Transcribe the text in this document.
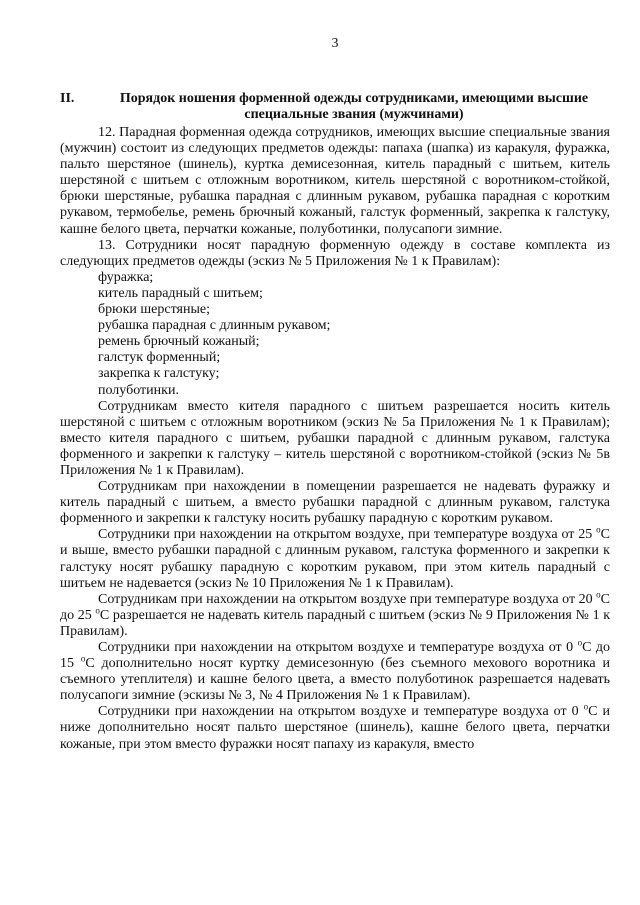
3
II.	Порядок ношения форменной одежды сотрудниками, имеющими высшие специальные звания (мужчинами)

12. Парадная форменная одежда сотрудников, имеющих высшие специальные звания (мужчин) состоит из следующих предметов одежды: папаха (шапка) из каракуля, фуражка, пальто шерстяное (шинель), куртка демисезонная, китель парадный с шитьем, китель шерстяной с шитьем с отложным воротником, китель шерстяной с воротником-стойкой, брюки шерстяные, рубашка парадная с длинным рукавом, рубашка парадная с коротким рукавом, термобелье, ремень брючный кожаный, галстук форменный, закрепка к галстуку, кашне белого цвета, перчатки кожаные, полуботинки, полусапоги зимние.

13. Сотрудники носят парадную форменную одежду в составе комплекта из следующих предметов одежды (эскиз № 5 Приложения № 1 к Правилам):

фуражка;

китель парадный с шитьем;

брюки шерстяные;

рубашка парадная с длинным рукавом;

ремень брючный кожаный;

галстук форменный;

закрепка к галстуку;

полуботинки.

Сотрудникам вместо кителя парадного с шитьем разрешается носить китель шерстяной с шитьем с отложным воротником (эскиз № 5а Приложения № 1 к Правилам); вместо кителя парадного с шитьем, рубашки парадной с длинным рукавом, галстука форменного и закрепки к галстуку – китель шерстяной с воротником-стойкой (эскиз № 5в Приложения № 1 к Правилам).

Сотрудникам при нахождении в помещении разрешается не надевать фуражку и китель парадный с шитьем, а вместо рубашки парадной с длинным рукавом, галстука форменного и закрепки к галстуку носить рубашку парадную с коротким рукавом.

Сотрудники при нахождении на открытом воздухе, при температуре воздуха от 25 $^о$С и выше, вместо рубашки парадной с длинным рукавом, галстука форменного и закрепки к галстуку носят рубашку парадную с коротким рукавом, при этом китель парадный с шитьем не надевается (эскиз № 10 Приложения № 1 к Правилам).

Сотрудникам при нахождении на открытом воздухе при температуре воздуха от 20 $^о$С до 25 $^о$С разрешается не надевать китель парадный с шитьем (эскиз № 9 Приложения № 1 к Правилам).

Сотрудники при нахождении на открытом воздухе и температуре воздуха от 0 $^о$С до 15 $^о$С дополнительно носят куртку демисезонную (без съемного мехового воротника и съемного утеплителя) и кашне белого цвета, а вместо полуботинок разрешается надевать полусапоги зимние (эскизы № 3, № 4 Приложения № 1 к Правилам).

Сотрудники при нахождении на открытом воздухе и температуре воздуха от 0 $^о$С и ниже дополнительно носят пальто шерстяное (шинель), кашне белого цвета, перчатки кожаные, при этом вместо фуражки носят папаху из каракуля, вместо
